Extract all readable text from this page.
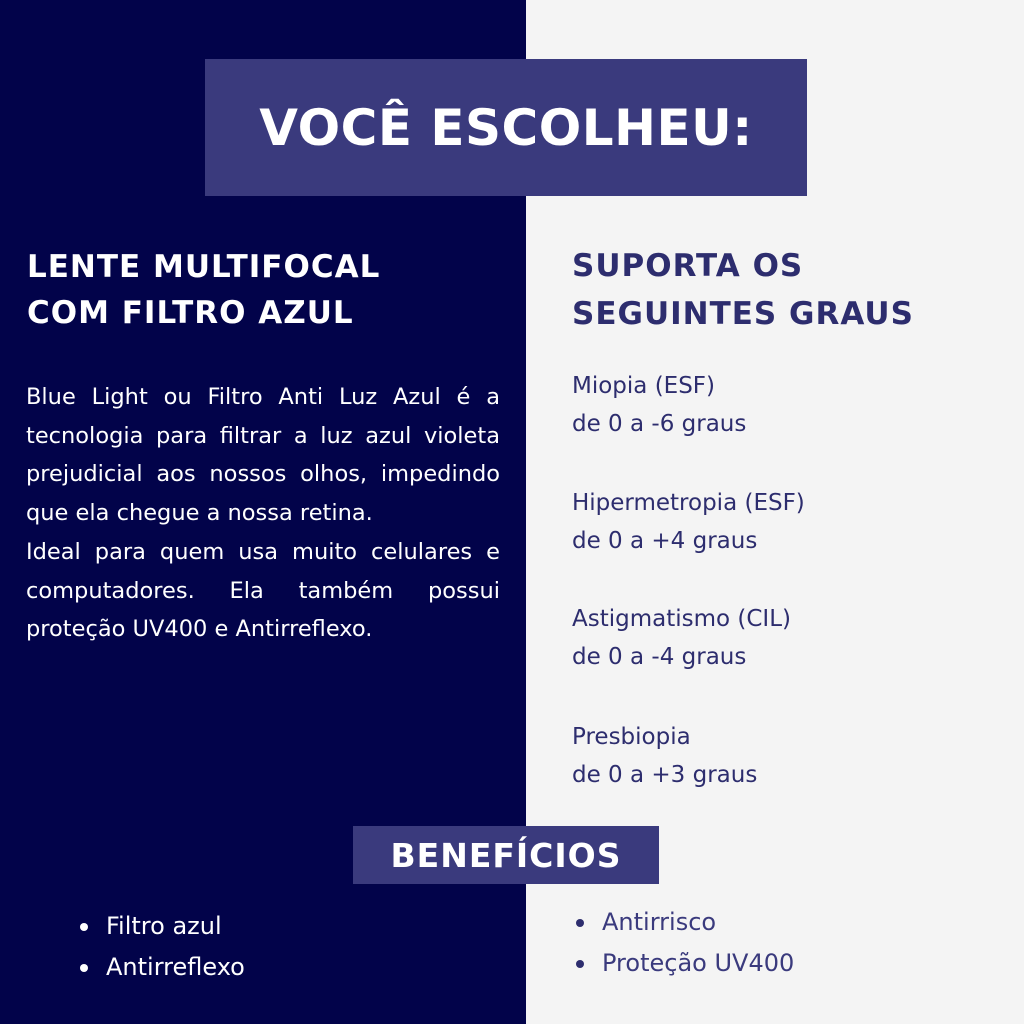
VOCÊ ESCOLHEU:
LENTE MULTIFOCAL
COM FILTRO AZUL

Blue Light ou Filtro Anti Luz Azul é a tecnologia para filtrar a luz azul violeta prejudicial aos nossos olhos, impedindo que ela chegue a nossa retina.

Ideal para quem usa muito celulares e computadores. Ela também possui proteção UV400 e Antirreflexo.

SUPORTA OS
SEGUINTES GRAUS
Miopia (ESF)
de 0 a -6 graus
Hipermetropia (ESF)
de 0 a +4 graus
Astigmatismo (CIL)
de 0 a -4 graus
Presbiopia
de 0 a +3 graus
BENEFÍCIOS
Filtro azul
Antirreflexo
Antirrisco
Proteção UV400
